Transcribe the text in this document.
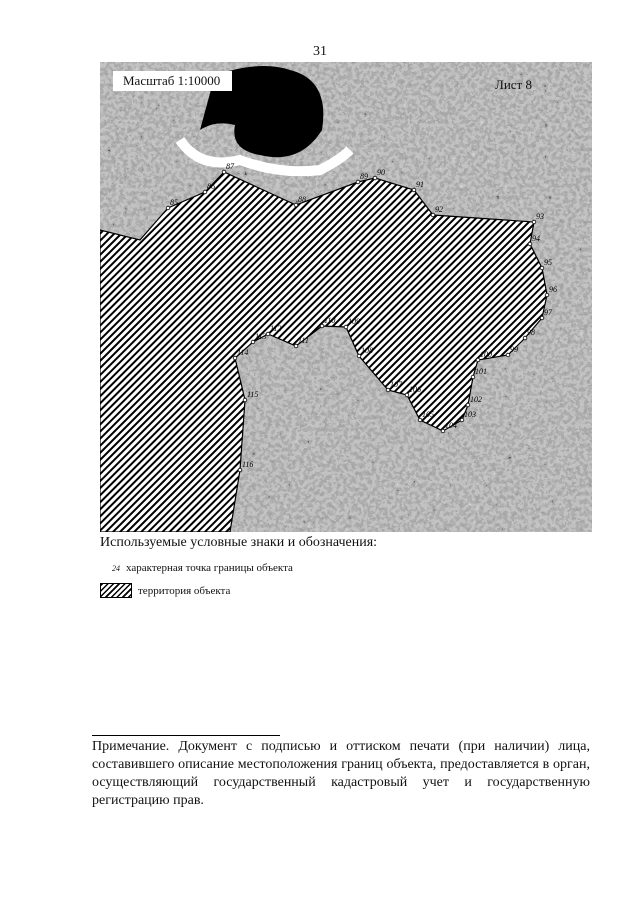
31
85
86
87
88
89 90
91
92
93
94
95
96
97
98
99
100
101
102
103
104
105
106
107
108
109
110
111
112
113
114
115
116
Масштаб 1:10000	Лист 8
Используемые условные знаки и обозначения:
24 характерная точка границы объекта
территория объекта
Примечание. Документ с подписью и оттиском печати (при наличии) лица, составившего описание местоположения границ объекта, предоставляется в орган, осуществляющий государственный кадастровый учет и государственную регистрацию прав.
